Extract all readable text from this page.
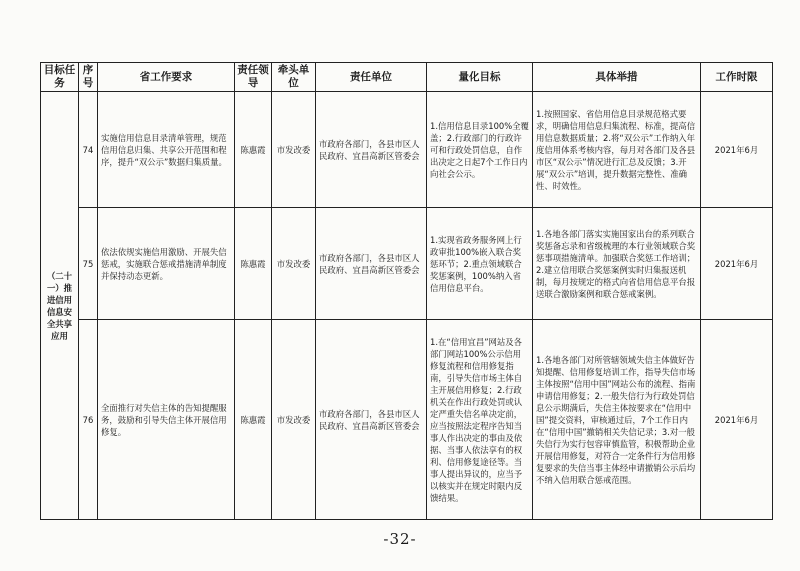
目标任务	序号	省工作要求	责任领导	牵头单位	责任单位	量化目标	具体举措	工作时限
（二十一）推进信用信息安全共享应用	74	实施信用信息目录清单管理，规范信用信息归集、共享公开范围和程序，提升“双公示”数据归集质量。	陈惠霞	市发改委	市政府各部门，各县市区人民政府、宜昌高新区管委会	1.信用信息目录100%全覆盖；2.行政部门的行政许可和行政处罚信息，自作出决定之日起7个工作日内向社会公示。	1.按照国家、省信用信息目录规范格式要求，明确信用信息归集流程、标准，提高信用信息数据质量；2.将“双公示”工作纳入年度信用体系考核内容，每月对各部门及各县市区“双公示”情况进行汇总及反馈；3.开展“双公示”培训，提升数据完整性、准确性、时效性。	2021年6月
	75	依法依规实施信用激励、开展失信惩戒，实施联合惩戒措施清单制度并保持动态更新。	陈惠霞	市发改委	市政府各部门，各县市区人民政府、宜昌高新区管委会	1.实现省政务服务网上行政审批100%嵌入联合奖惩环节；2.重点领域联合奖惩案例，100%纳入省信用信息平台。	1.各地各部门落实实施国家出台的系列联合奖惩备忘录和省级梳理的本行业领域联合奖惩事项措施清单。加强联合奖惩工作培训；2.建立信用联合奖惩案例实时归集报送机制，每月按规定的格式向省信用信息平台报送联合激励案例和联合惩戒案例。	2021年6月
	76	全面推行对失信主体的告知提醒服务，鼓励和引导失信主体开展信用修复。	陈惠霞	市发改委	市政府各部门，各县市区人民政府、宜昌高新区管委会	1.在“信用宜昌”网站及各部门网站100%公示信用修复流程和信用修复指南，引导失信市场主体自主开展信用修复；2.行政机关在作出行政处罚或认定严重失信名单决定前，应当按照法定程序告知当事人作出决定的事由及依据、当事人依法享有的权利、信用修复途径等。当事人提出异议的，应当予以核实并在规定时限内反馈结果。	1.各地各部门对所管辖领域失信主体做好告知提醒、信用修复培训工作，指导失信市场主体按照“信用中国”网站公布的流程、指南申请信用修复；2.一般失信行为行政处罚信息公示期满后，失信主体按要求在“信用中国”提交资料，审核通过后，7个工作日内在“信用中国”撤销相关失信记录；3.对一般失信行为实行包容审慎监管，积极帮助企业开展信用修复，对符合一定条件行为信用修复要求的失信当事主体经申请撤销公示后均不纳入信用联合惩戒范围。	2021年6月
-32-
